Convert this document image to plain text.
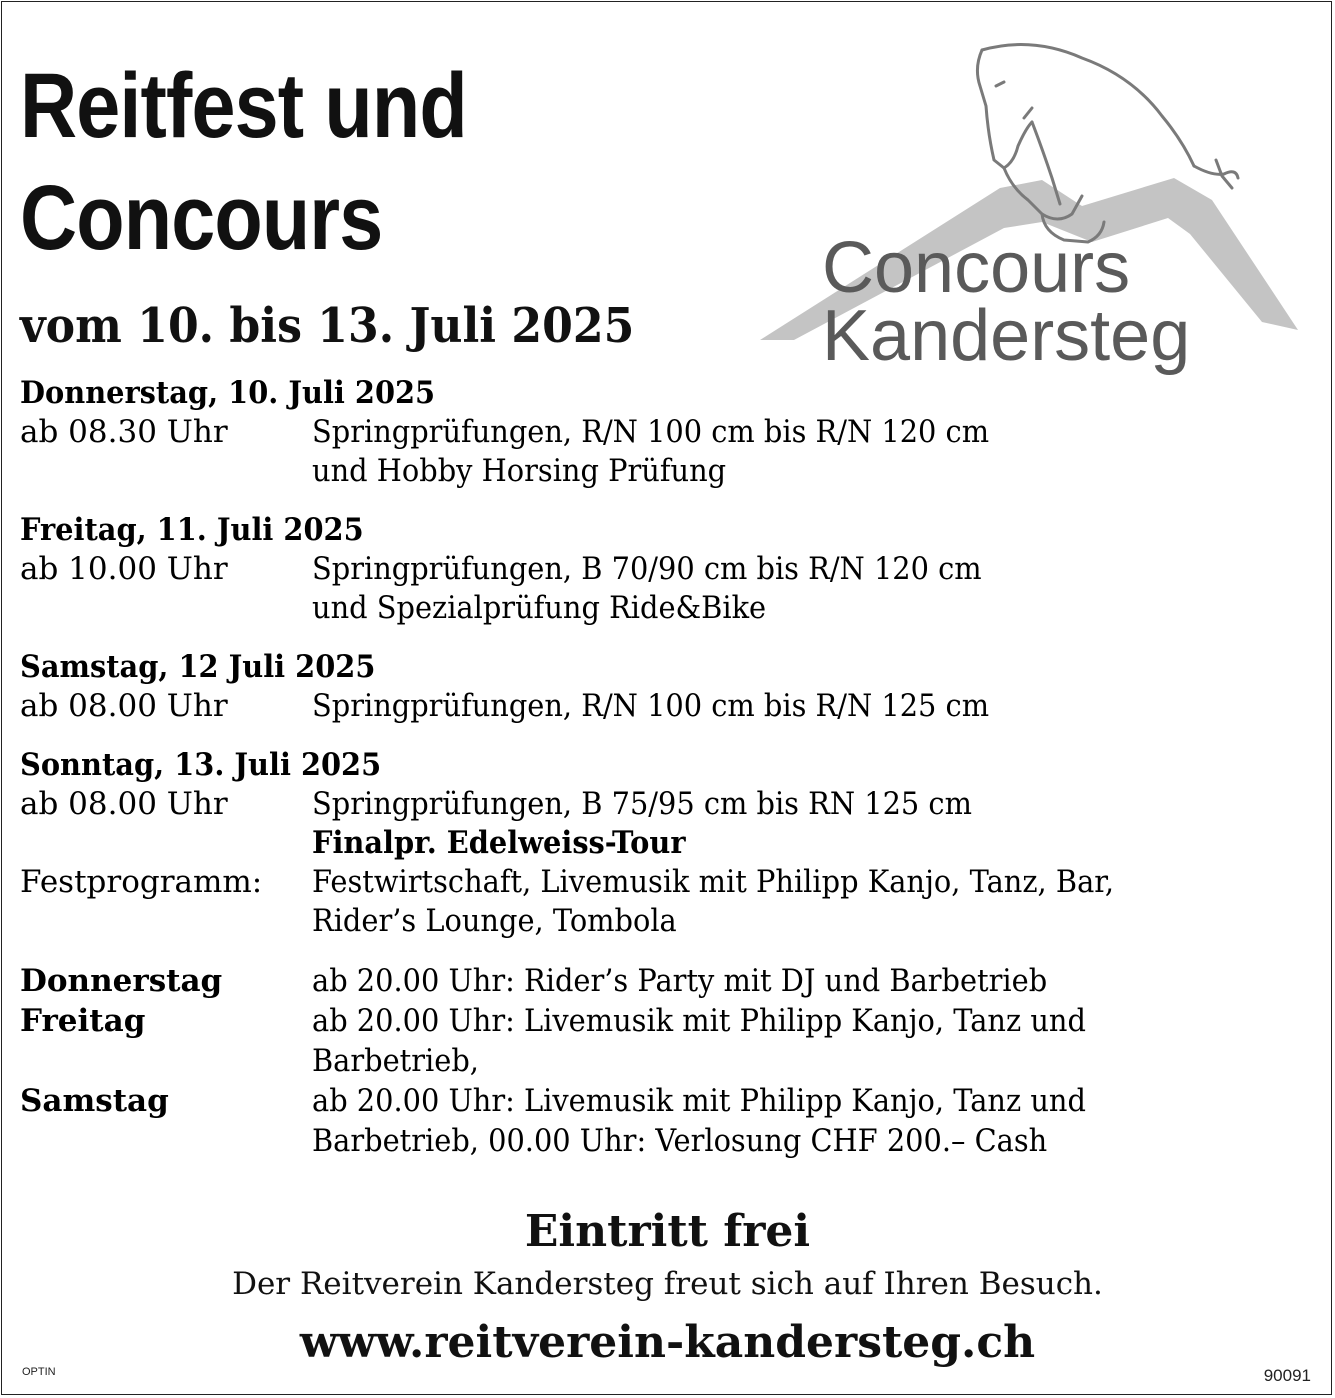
Reitfest und
Concours
vom 10. bis 13. Juli 2025
Concours
Kandersteg
Donnerstag, 10. Juli 2025
ab 08.30 Uhr	Springprüfungen, R/N 100 cm bis R/N 120 cm
und Hobby Horsing Prüfung
Freitag, 11. Juli 2025
ab 10.00 Uhr	Springprüfungen, B 70/90 cm bis R/N 120 cm
und Spezialprüfung Ride&Bike
Samstag, 12 Juli 2025
ab 08.00 Uhr	Springprüfungen, R/N 100 cm bis R/N 125 cm
Sonntag, 13. Juli 2025
ab 08.00 Uhr	Springprüfungen, B 75/95 cm bis RN 125 cm
Finalpr. Edelweiss-Tour
Festprogramm:	Festwirtschaft, Livemusik mit Philipp Kanjo, Tanz, Bar,
Rider’s Lounge, Tombola
Donnerstag	ab 20.00 Uhr: Rider’s Party mit DJ und Barbetrieb
Freitag	ab 20.00 Uhr: Livemusik mit Philipp Kanjo, Tanz und
Barbetrieb,
Samstag	ab 20.00 Uhr: Livemusik mit Philipp Kanjo, Tanz und
Barbetrieb, 00.00 Uhr: Verlosung CHF 200.– Cash
Eintritt frei
Der Reitverein Kandersteg freut sich auf Ihren Besuch.
www.reitverein-kandersteg.ch
OPTIN	90091
